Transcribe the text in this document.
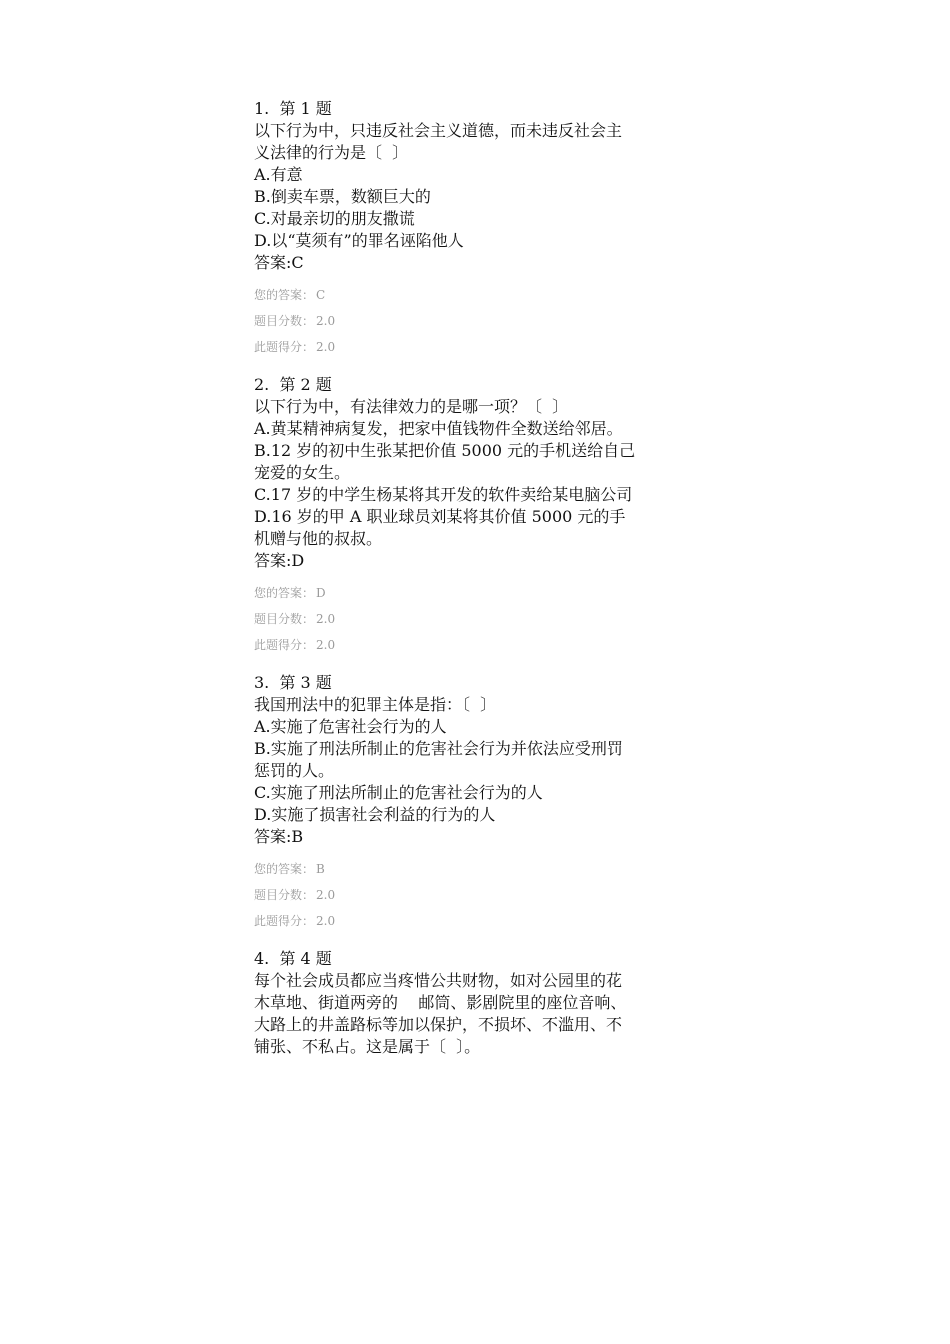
1.  第 1 题
以下行为中，只违反社会主义道德，而未违反社会主
义法律的行为是〔  〕
A.有意
B.倒卖车票，数额巨大的
C.对最亲切的朋友撒谎
D.以“莫须有”的罪名诬陷他人
答案:C
您的答案： C
题目分数： 2.0
此题得分： 2.0
2.  第 2 题
以下行为中，有法律效力的是哪一项？〔  〕
A.黄某精神病复发，把家中值钱物件全数送给邻居。
B.12 岁的初中生张某把价值 5000 元的手机送给自己
宠爱的女生。
C.17 岁的中学生杨某将其开发的软件卖给某电脑公司
D.16 岁的甲 A 职业球员刘某将其价值 5000 元的手
机赠与他的叔叔。
答案:D
您的答案： D
题目分数： 2.0
此题得分： 2.0
3.  第 3 题
我国刑法中的犯罪主体是指：〔  〕
A.实施了危害社会行为的人
B.实施了刑法所制止的危害社会行为并依法应受刑罚
惩罚的人。
C.实施了刑法所制止的危害社会行为的人
D.实施了损害社会利益的行为的人
答案:B
您的答案： B
题目分数： 2.0
此题得分： 2.0
4.  第 4 题
每个社会成员都应当疼惜公共财物，如对公园里的花
木草地、街道两旁的    邮筒、影剧院里的座位音响、
大路上的井盖路标等加以保护，不损坏、不滥用、不
铺张、不私占。这是属于〔  〕。
